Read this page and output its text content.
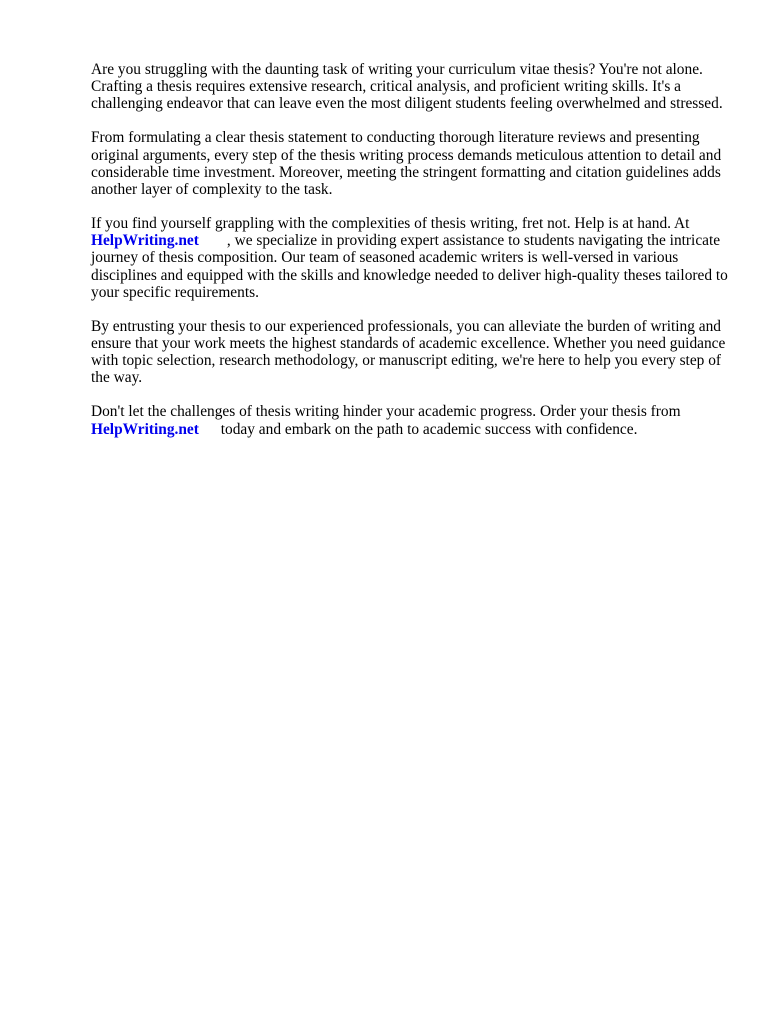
Are you struggling with the daunting task of writing your curriculum vitae thesis? You're not alone. Crafting a thesis requires extensive research, critical analysis, and proficient writing skills. It's a challenging endeavor that can leave even the most diligent students feeling overwhelmed and stressed.

From formulating a clear thesis statement to conducting thorough literature reviews and presenting original arguments, every step of the thesis writing process demands meticulous attention to detail and considerable time investment. Moreover, meeting the stringent formatting and citation guidelines adds another layer of complexity to the task.

If you find yourself grappling with the complexities of thesis writing, fret not. Help is at hand. At
HelpWriting.net , we specialize in providing expert assistance to students navigating the intricate journey of thesis composition. Our team of seasoned academic writers is well-versed in various disciplines and equipped with the skills and knowledge needed to deliver high-quality theses tailored to your specific requirements.

By entrusting your thesis to our experienced professionals, you can alleviate the burden of writing and ensure that your work meets the highest standards of academic excellence. Whether you need guidance with topic selection, research methodology, or manuscript editing, we're here to help you every step of the way.

Don't let the challenges of thesis writing hinder your academic progress. Order your thesis from
HelpWriting.net today and embark on the path to academic success with confidence.
